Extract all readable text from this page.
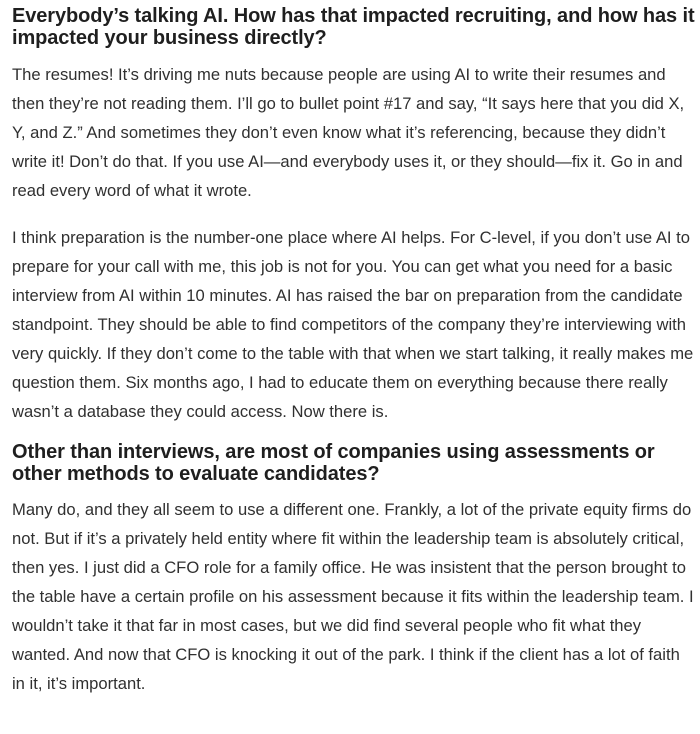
Everybody’s talking AI. How has that impacted recruiting, and how has it impacted your business directly?

The resumes! It’s driving me nuts because people are using AI to write their resumes and then they’re not reading them. I’ll go to bullet point #17 and say, “It says here that you did X, Y, and Z.” And sometimes they don’t even know what it’s referencing, because they didn’t write it! Don’t do that. If you use AI—and everybody uses it, or they should—fix it. Go in and read every word of what it wrote.

I think preparation is the number-one place where AI helps. For C-level, if you don’t use AI to prepare for your call with me, this job is not for you. You can get what you need for a basic interview from AI within 10 minutes. AI has raised the bar on preparation from the candidate standpoint. They should be able to find competitors of the company they’re interviewing with very quickly. If they don’t come to the table with that when we start talking, it really makes me question them. Six months ago, I had to educate them on everything because there really wasn’t a database they could access. Now there is.

Other than interviews, are most of companies using assessments or other methods to evaluate candidates?

Many do, and they all seem to use a different one. Frankly, a lot of the private equity firms do not. But if it’s a privately held entity where fit within the leadership team is absolutely critical, then yes. I just did a CFO role for a family office. He was insistent that the person brought to the table have a certain profile on his assessment because it fits within the leadership team. I wouldn’t take it that far in most cases, but we did find several people who fit what they wanted. And now that CFO is knocking it out of the park. I think if the client has a lot of faith in it, it’s important.
